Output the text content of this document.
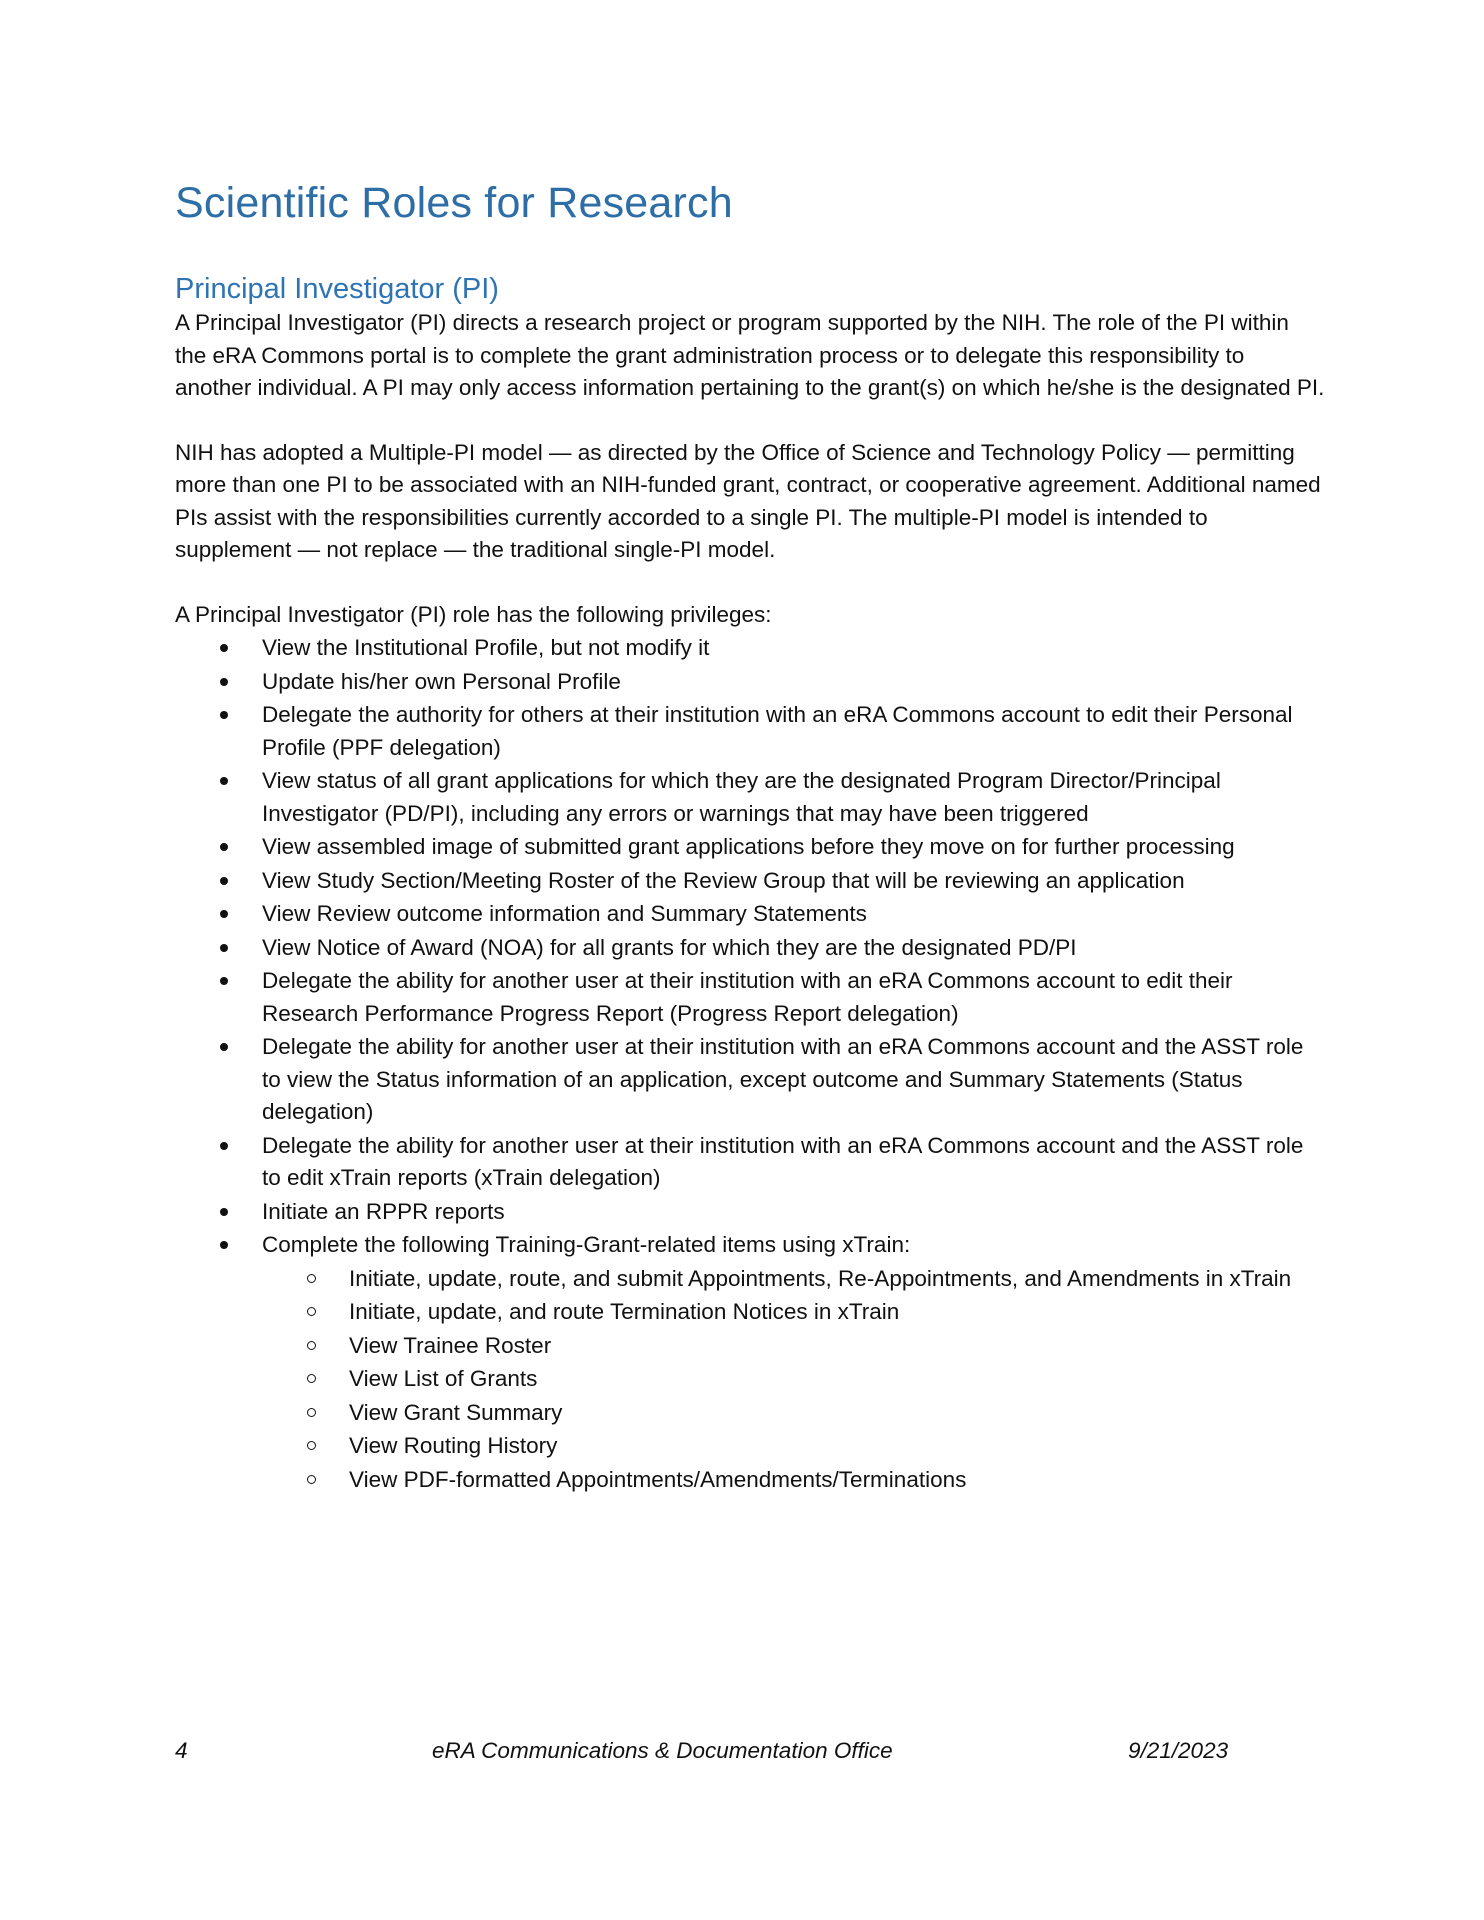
Scientific Roles for Research
Principal Investigator (PI)

A Principal Investigator (PI) directs a research project or program supported by the NIH. The role of the PI within the eRA Commons portal is to complete the grant administration process or to delegate this responsibility to another individual. A PI may only access information pertaining to the grant(s) on which he/she is the designated PI.

NIH has adopted a Multiple-PI model — as directed by the Office of Science and Technology Policy — permitting more than one PI to be associated with an NIH-funded grant, contract, or cooperative agreement. Additional named PIs assist with the responsibilities currently accorded to a single PI. The multiple-PI model is intended to supplement — not replace — the traditional single-PI model.

A Principal Investigator (PI) role has the following privileges:

View the Institutional Profile, but not modify it
Update his/her own Personal Profile
Delegate the authority for others at their institution with an eRA Commons account to edit their Personal Profile (PPF delegation)
View status of all grant applications for which they are the designated Program Director/Principal Investigator (PD/PI), including any errors or warnings that may have been triggered
View assembled image of submitted grant applications before they move on for further processing
View Study Section/Meeting Roster of the Review Group that will be reviewing an application
View Review outcome information and Summary Statements
View Notice of Award (NOA) for all grants for which they are the designated PD/PI
Delegate the ability for another user at their institution with an eRA Commons account to edit their Research Performance Progress Report (Progress Report delegation)
Delegate the ability for another user at their institution with an eRA Commons account and the ASST role to view the Status information of an application, except outcome and Summary Statements (Status delegation)
Delegate the ability for another user at their institution with an eRA Commons account and the ASST role to edit xTrain reports (xTrain delegation)
Initiate an RPPR reports
Complete the following Training-Grant-related items using xTrain:
Initiate, update, route, and submit Appointments, Re-Appointments, and Amendments in xTrain
Initiate, update, and route Termination Notices in xTrain
View Trainee Roster
View List of Grants
View Grant Summary
View Routing History
View PDF-formatted Appointments/Amendments/Terminations
4	eRA Communications & Documentation Office	9/21/2023
